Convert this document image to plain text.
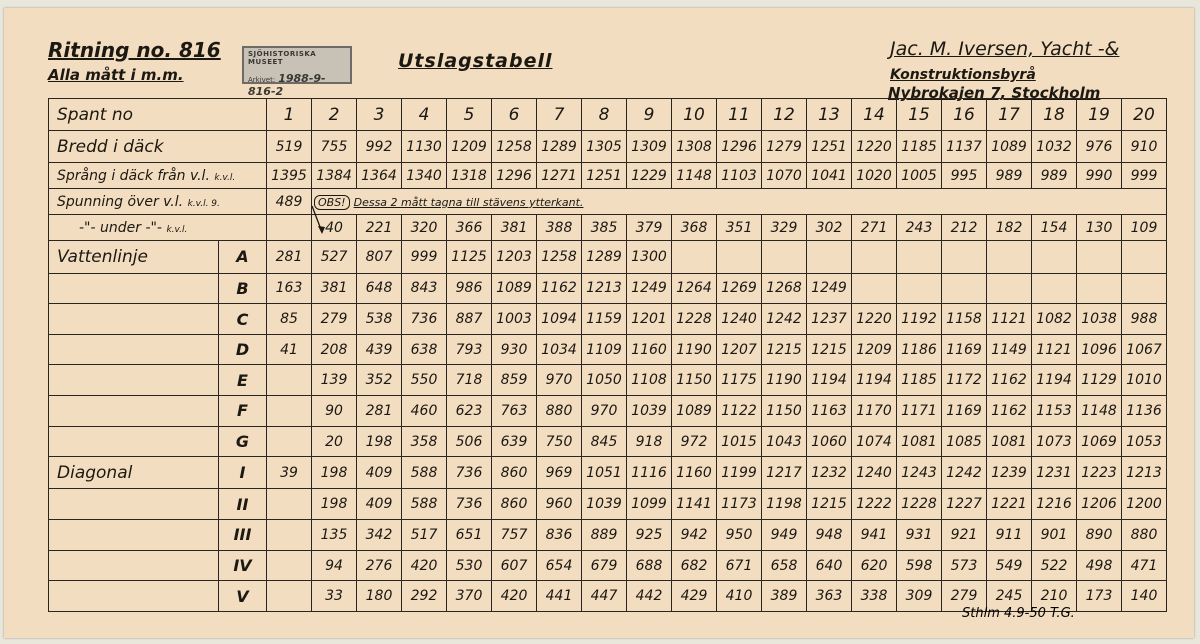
Ritning no. 816
Alla mått i m.m.
SJÖHISTORISKA MUSEET
Arkivet: 1988-9-816-2
Utslagstabell
Jac. M. Iversen, Yacht -&
Konstruktionsbyrå
Nybrokajen 7, Stockholm
Spant no		1	2	3	4	5	6	7	8	9	10	11	12	13	14	15	16	17	18	19	20
Bredd i däck		519	755	992	1130	1209	1258	1289	1305	1309	1308	1296	1279	1251	1220	1185	1137	1089	1032	976	910
Språng i däck från v.l. k.v.l.		1395	1384	1364	1340	1318	1296	1271	1251	1229	1148	1103	1070	1041	1020	1005	995	989	989	990	999
Spunning över v.l. k.v.l. 9.		489	OBS! Dessa 2 mått tagna till stävens ytterkant.																		
-"- under -"- k.v.l.			40	221	320	366	381	388	385	379	368	351	329	302	271	243	212	182	154	130	109
Vattenlinje	A	281	527	807	999	1125	1203	1258	1289	1300											
	B	163	381	648	843	986	1089	1162	1213	1249	1264	1269	1268	1249							
	C	85	279	538	736	887	1003	1094	1159	1201	1228	1240	1242	1237	1220	1192	1158	1121	1082	1038	988
	D	41	208	439	638	793	930	1034	1109	1160	1190	1207	1215	1215	1209	1186	1169	1149	1121	1096	1067
	E		139	352	550	718	859	970	1050	1108	1150	1175	1190	1194	1194	1185	1172	1162	1194	1129	1010
	F		90	281	460	623	763	880	970	1039	1089	1122	1150	1163	1170	1171	1169	1162	1153	1148	1136
	G		20	198	358	506	639	750	845	918	972	1015	1043	1060	1074	1081	1085	1081	1073	1069	1053
Diagonal	I	39	198	409	588	736	860	969	1051	1116	1160	1199	1217	1232	1240	1243	1242	1239	1231	1223	1213
	II		198	409	588	736	860	960	1039	1099	1141	1173	1198	1215	1222	1228	1227	1221	1216	1206	1200
	III		135	342	517	651	757	836	889	925	942	950	949	948	941	931	921	911	901	890	880
	IV		94	276	420	530	607	654	679	688	682	671	658	640	620	598	573	549	522	498	471
	V		33	180	292	370	420	441	447	442	429	410	389	363	338	309	279	245	210	173	140
Sthlm 4.9-50 T.G.
